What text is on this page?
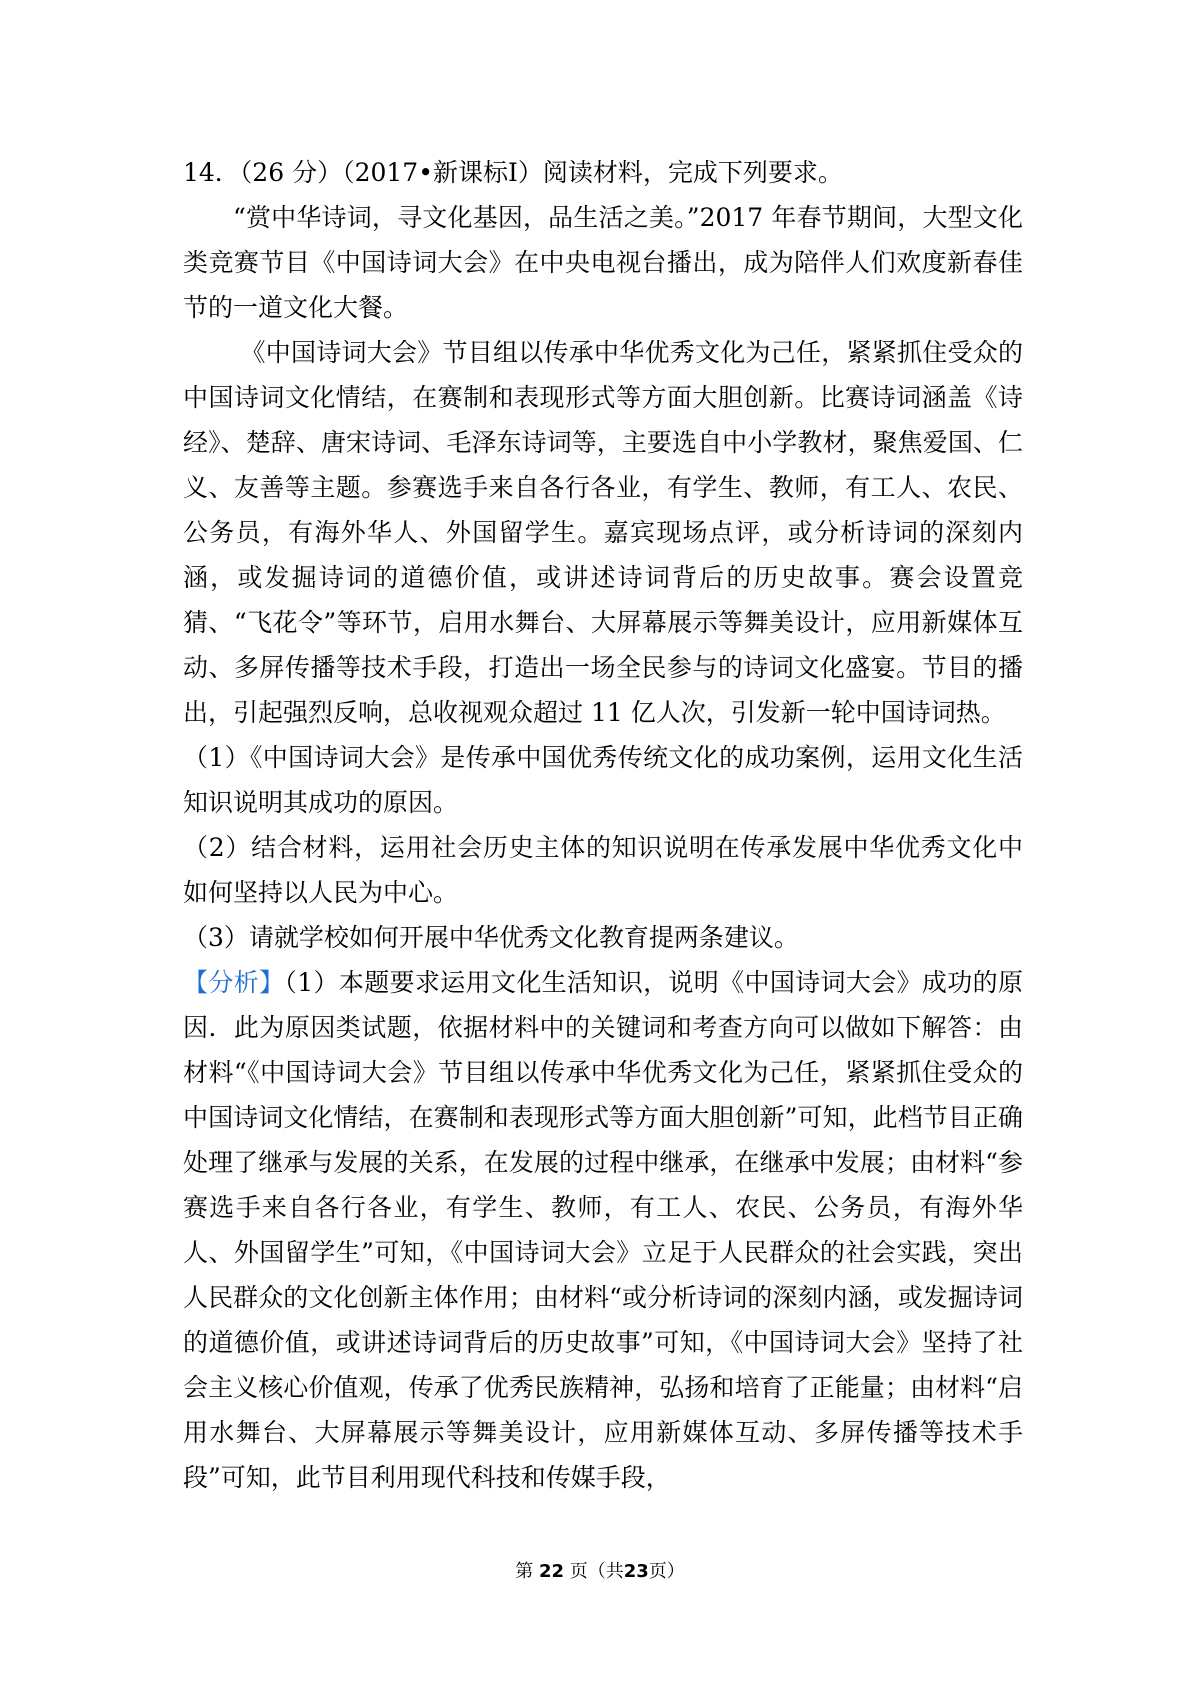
14．（26 分）（2017•新课标Ⅰ）阅读材料，完成下列要求。

“赏中华诗词，寻文化基因，品生活之美。”2017 年春节期间，大型文化类竞赛节目《中国诗词大会》在中央电视台播出，成为陪伴人们欢度新春佳节的一道文化大餐。

《中国诗词大会》节目组以传承中华优秀文化为己任，紧紧抓住受众的中国诗词文化情结，在赛制和表现形式等方面大胆创新。比赛诗词涵盖《诗经》、楚辞、唐宋诗词、毛泽东诗词等，主要选自中小学教材，聚焦爱国、仁义、友善等主题。参赛选手来自各行各业，有学生、教师，有工人、农民、公务员，有海外华人、外国留学生。嘉宾现场点评，或分析诗词的深刻内涵，或发掘诗词的道德价值，或讲述诗词背后的历史故事。赛会设置竞猜、“飞花令”等环节，启用水舞台、大屏幕展示等舞美设计，应用新媒体互动、多屏传播等技术手段，打造出一场全民参与的诗词文化盛宴。节目的播出，引起强烈反响，总收视观众超过 11 亿人次，引发新一轮中国诗词热。

（1）《中国诗词大会》是传承中国优秀传统文化的成功案例，运用文化生活知识说明其成功的原因。

（2）结合材料，运用社会历史主体的知识说明在传承发展中华优秀文化中如何坚持以人民为中心。

（3）请就学校如何开展中华优秀文化教育提两条建议。

【分析】（1）本题要求运用文化生活知识，说明《中国诗词大会》成功的原因．此为原因类试题，依据材料中的关键词和考查方向可以做如下解答：由材料“《中国诗词大会》节目组以传承中华优秀文化为己任，紧紧抓住受众的中国诗词文化情结，在赛制和表现形式等方面大胆创新”可知，此档节目正确处理了继承与发展的关系，在发展的过程中继承，在继承中发展；由材料“参赛选手来自各行各业，有学生、教师，有工人、农民、公务员，有海外华人、外国留学生”可知，《中国诗词大会》立足于人民群众的社会实践，突出人民群众的文化创新主体作用；由材料“或分析诗词的深刻内涵，或发掘诗词的道德价值，或讲述诗词背后的历史故事”可知，《中国诗词大会》坚持了社会主义核心价值观，传承了优秀民族精神，弘扬和培育了正能量；由材料“启用水舞台、大屏幕展示等舞美设计，应用新媒体互动、多屏传播等技术手段”可知，此节目利用现代科技和传媒手段，

第 22 页（共23页）
